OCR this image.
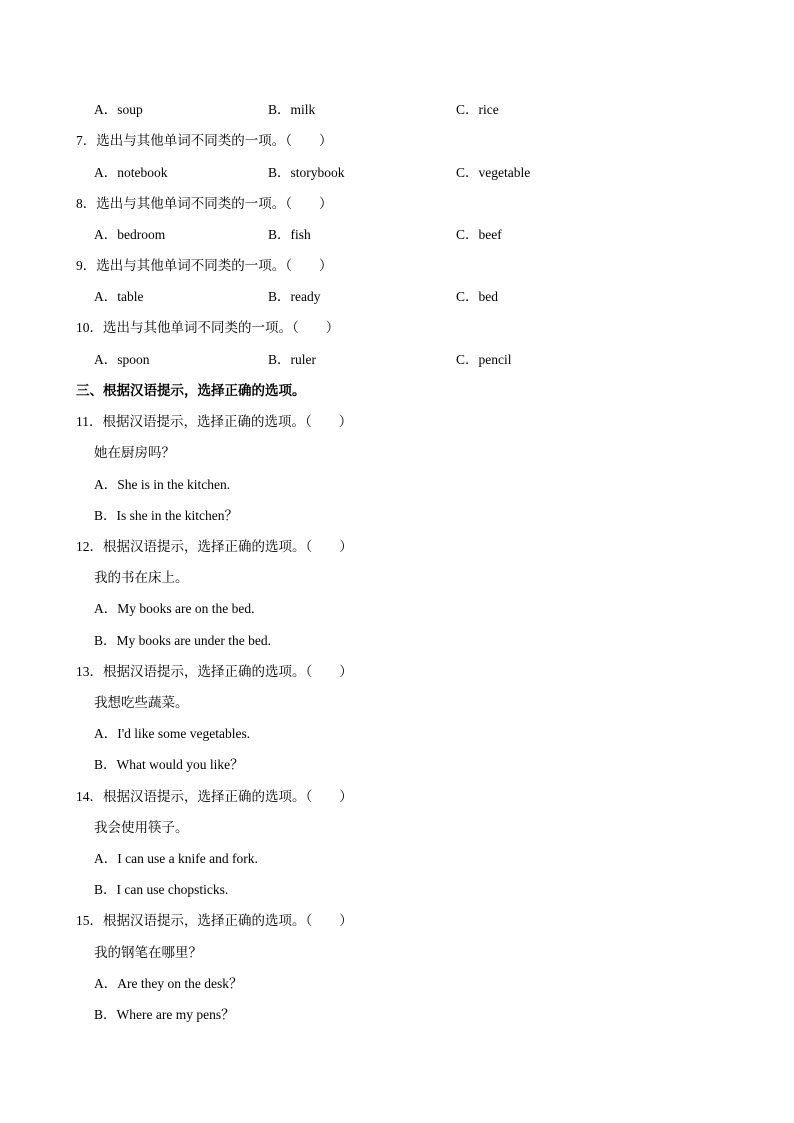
A．soup	B．milk	C．rice
7．选出与其他单词不同类的一项。（　　）
A．notebook	B．storybook	C．vegetable
8．选出与其他单词不同类的一项。（　　）
A．bedroom	B．fish	C．beef
9．选出与其他单词不同类的一项。（　　）
A．table	B．ready	C．bed
10．选出与其他单词不同类的一项。（　　）
A．spoon	B．ruler	C．pencil
三、根据汉语提示，选择正确的选项。
11．根据汉语提示，选择正确的选项。（　　）
她在厨房吗？
A．She is in the kitchen.
B．Is she in the kitchen？
12．根据汉语提示，选择正确的选项。（　　）
我的书在床上。
A．My books are on the bed.
B．My books are under the bed.
13．根据汉语提示，选择正确的选项。（　　）
我想吃些蔬菜。
A．I'd like some vegetables.
B．What would you like？
14．根据汉语提示，选择正确的选项。（　　）
我会使用筷子。
A．I can use a knife and fork.
B．I can use chopsticks.
15．根据汉语提示，选择正确的选项。（　　）
我的钢笔在哪里？
A．Are they on the desk？
B．Where are my pens？
